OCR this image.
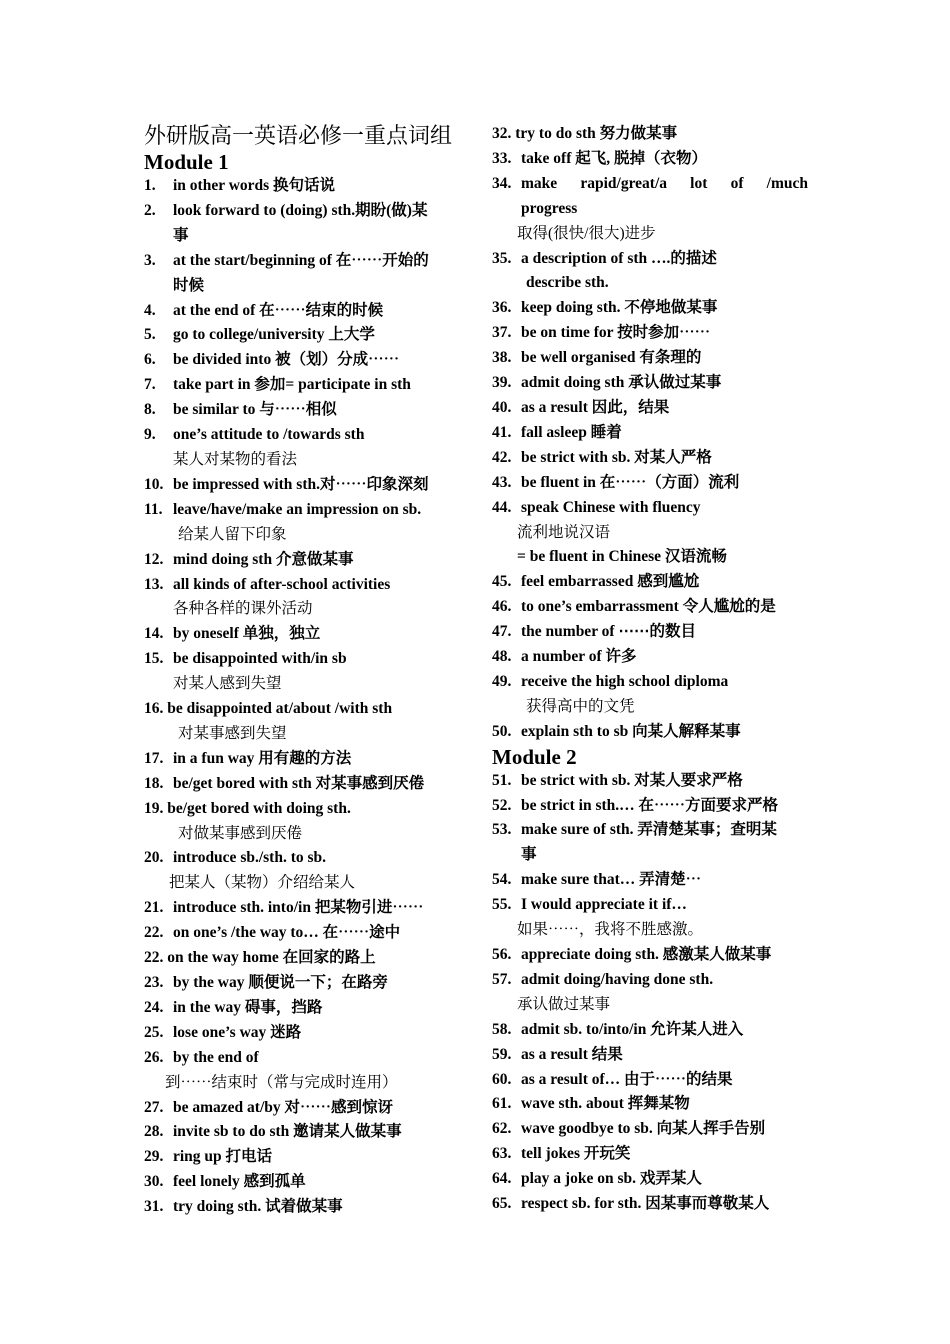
外研版高一英语必修一重点词组
Module 1
1.	in other words 换句话说
2.	look forward to (doing) sth.期盼(做)某
事
3.	at the start/beginning of 在⋯⋯开始的
时候
4.	at the end of 在⋯⋯结束的时候
5.	go to college/university 上大学
6.	be divided into 被（划）分成⋯⋯
7.	take part in 参加= participate in sth
8.	be similar to 与⋯⋯相似
9.	one’s attitude to /towards sth
某人对某物的看法
10. be impressed with sth.对⋯⋯印象深刻
11. leave/have/make an impression on sb.
给某人留下印象
12. mind doing sth 介意做某事
13. all kinds of after-school activities
各种各样的课外活动
14. by oneself 单独，独立
15. be disappointed with/in sb
对某人感到失望
16. be disappointed at/about /with sth
对某事感到失望
17. in a fun way 用有趣的方法
18. be/get bored with sth 对某事感到厌倦
19. be/get bored with doing sth.
对做某事感到厌倦
20. introduce sb./sth. to sb.
把某人（某物）介绍给某人
21. introduce sth. into/in 把某物引进⋯⋯
22. on one’s /the way to… 在⋯⋯途中
22. on the way home 在回家的路上
23. by the way 顺便说一下；在路旁
24. in the way 碍事，挡路
25. lose one’s way 迷路
26. by the end of
到⋯⋯结束时（常与完成时连用）
27. be amazed at/by 对⋯⋯感到惊讶
28. invite sb to do sth 邀请某人做某事
29. ring up 打电话
30. feel lonely 感到孤单
31. try doing sth. 试着做某事
32. try to do sth 努力做某事
33. take off 起飞, 脱掉（衣物）
34. make rapid/great/a lot of /much
progress
取得(很快/很大)进步
35. a description of sth ….的描述
describe sth.
36. keep doing sth. 不停地做某事
37. be on time for 按时参加⋯⋯
38. be well organised 有条理的
39. admit doing sth 承认做过某事
40. as a result 因此，结果
41. fall asleep 睡着
42. be strict with sb. 对某人严格
43. be fluent in 在⋯⋯（方面）流利
44. speak Chinese with fluency
流利地说汉语
= be fluent in Chinese 汉语流畅
45. feel embarrassed 感到尴尬
46. to one’s embarrassment 令人尴尬的是
47. the number of ⋯⋯的数目
48. a number of 许多
49. receive the high school diploma
获得高中的文凭
50. explain sth to sb 向某人解释某事
Module 2
51. be strict with sb. 对某人要求严格
52. be strict in sth.… 在⋯⋯方面要求严格
53. make sure of sth. 弄清楚某事；查明某
事
54. make sure that… 弄清楚⋯
55. I would appreciate it if…
如果⋯⋯，我将不胜感激。
56. appreciate doing sth. 感激某人做某事
57. admit doing/having done sth.
承认做过某事
58. admit sb. to/into/in 允许某人进入
59. as a result 结果
60. as a result of… 由于⋯⋯的结果
61. wave sth. about 挥舞某物
62. wave goodbye to sb. 向某人挥手告别
63. tell jokes 开玩笑
64. play a joke on sb. 戏弄某人
65. respect sb. for sth. 因某事而尊敬某人
